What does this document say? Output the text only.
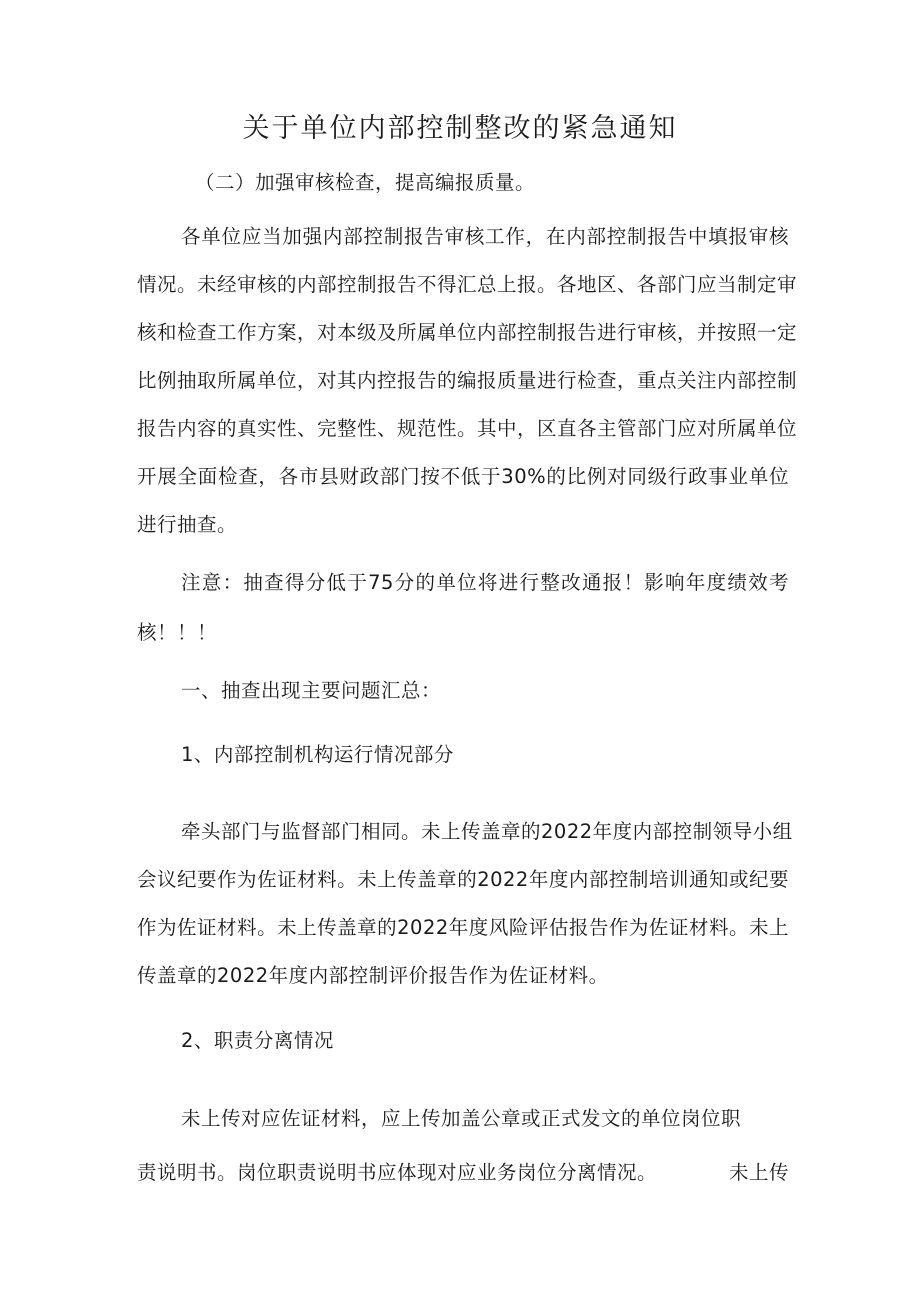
关于单位内部控制整改的紧急通知
（二）加强审核检查，提高编报质量。
各单位应当加强内部控制报告审核工作，在内部控制报告中填报审核
情况。未经审核的内部控制报告不得汇总上报。各地区、各部门应当制定审
核和检查工作方案，对本级及所属单位内部控制报告进行审核，并按照一定
比例抽取所属单位，对其内控报告的编报质量进行检查，重点关注内部控制
报告内容的真实性、完整性、规范性。其中，区直各主管部门应对所属单位
开展全面检查，各市县财政部门按不低于30%的比例对同级行政事业单位
进行抽查。
注意：抽查得分低于75分的单位将进行整改通报！影响年度绩效考
核！！！
一、抽查出现主要问题汇总：
1、内部控制机构运行情况部分
牵头部门与监督部门相同。未上传盖章的2022年度内部控制领导小组
会议纪要作为佐证材料。未上传盖章的2022年度内部控制培训通知或纪要
作为佐证材料。未上传盖章的2022年度风险评估报告作为佐证材料。未上
传盖章的2022年度内部控制评价报告作为佐证材料。
2、职责分离情况
未上传对应佐证材料，应上传加盖公章或正式发文的单位岗位职
责说明书。岗位职责说明书应体现对应业务岗位分离情况。	未上传
